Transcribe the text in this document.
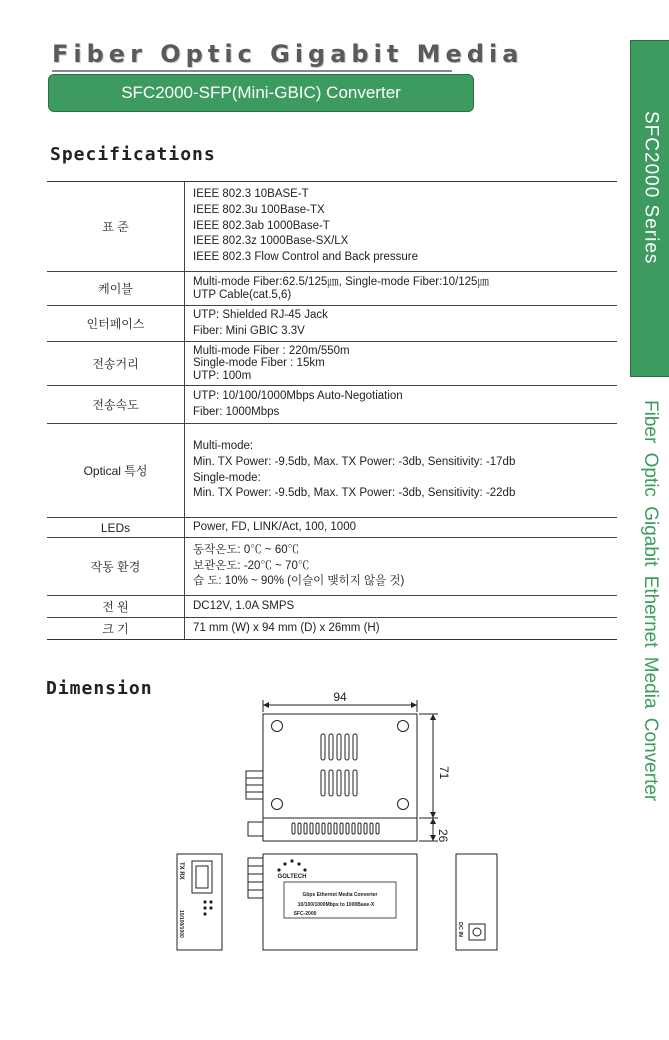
Fiber Optic Gigabit Media
SFC2000-SFP(Mini-GBIC) Converter
SFC2000 Series
Fiber Optic Gigabit Ethernet Media Converter
Specifications
표 준	IEEE 802.3 10BASE-T
IEEE 802.3u 100Base-TX
IEEE 802.3ab 1000Base-T
IEEE 802.3z 1000Base-SX/LX
IEEE 802.3 Flow Control and Back pressure

케이블	Multi-mode Fiber:62.5/125㎛, Single-mode Fiber:10/125㎛
UTP Cable(cat.5,6)

인터페이스	UTP: Shielded RJ-45 Jack
Fiber: Mini GBIC 3.3V

전송거리	Multi-mode Fiber : 220m/550m
Single-mode Fiber : 15km
UTP: 100m

전송속도	UTP: 10/100/1000Mbps Auto-Negotiation
Fiber: 1000Mbps

Optical 특성	Multi-mode:
Min. TX Power: -9.5db, Max. TX Power: -3db, Sensitivity: -17db
Single-mode:
Min. TX Power: -9.5db, Max. TX Power: -3db, Sensitivity: -22db

LEDs	Power, FD, LINK/Act, 100, 1000

작동 환경	동작온도: 0℃ ~ 60℃
보관온도: -20℃ ~ 70℃
습 도: 10% ~ 90% (이슬이 맺히지 않을 것)

전 원	DC12V, 1.0A SMPS

크 기	71 mm (W) x 94 mm (D) x 26mm (H)
Dimension	94
71
26
GOLTECH
Gbps Ethernet Media Converter
10/100/1000Mbps to 1000Base-X
SFC-2000
TX RX
10/100/1000	DC IN
